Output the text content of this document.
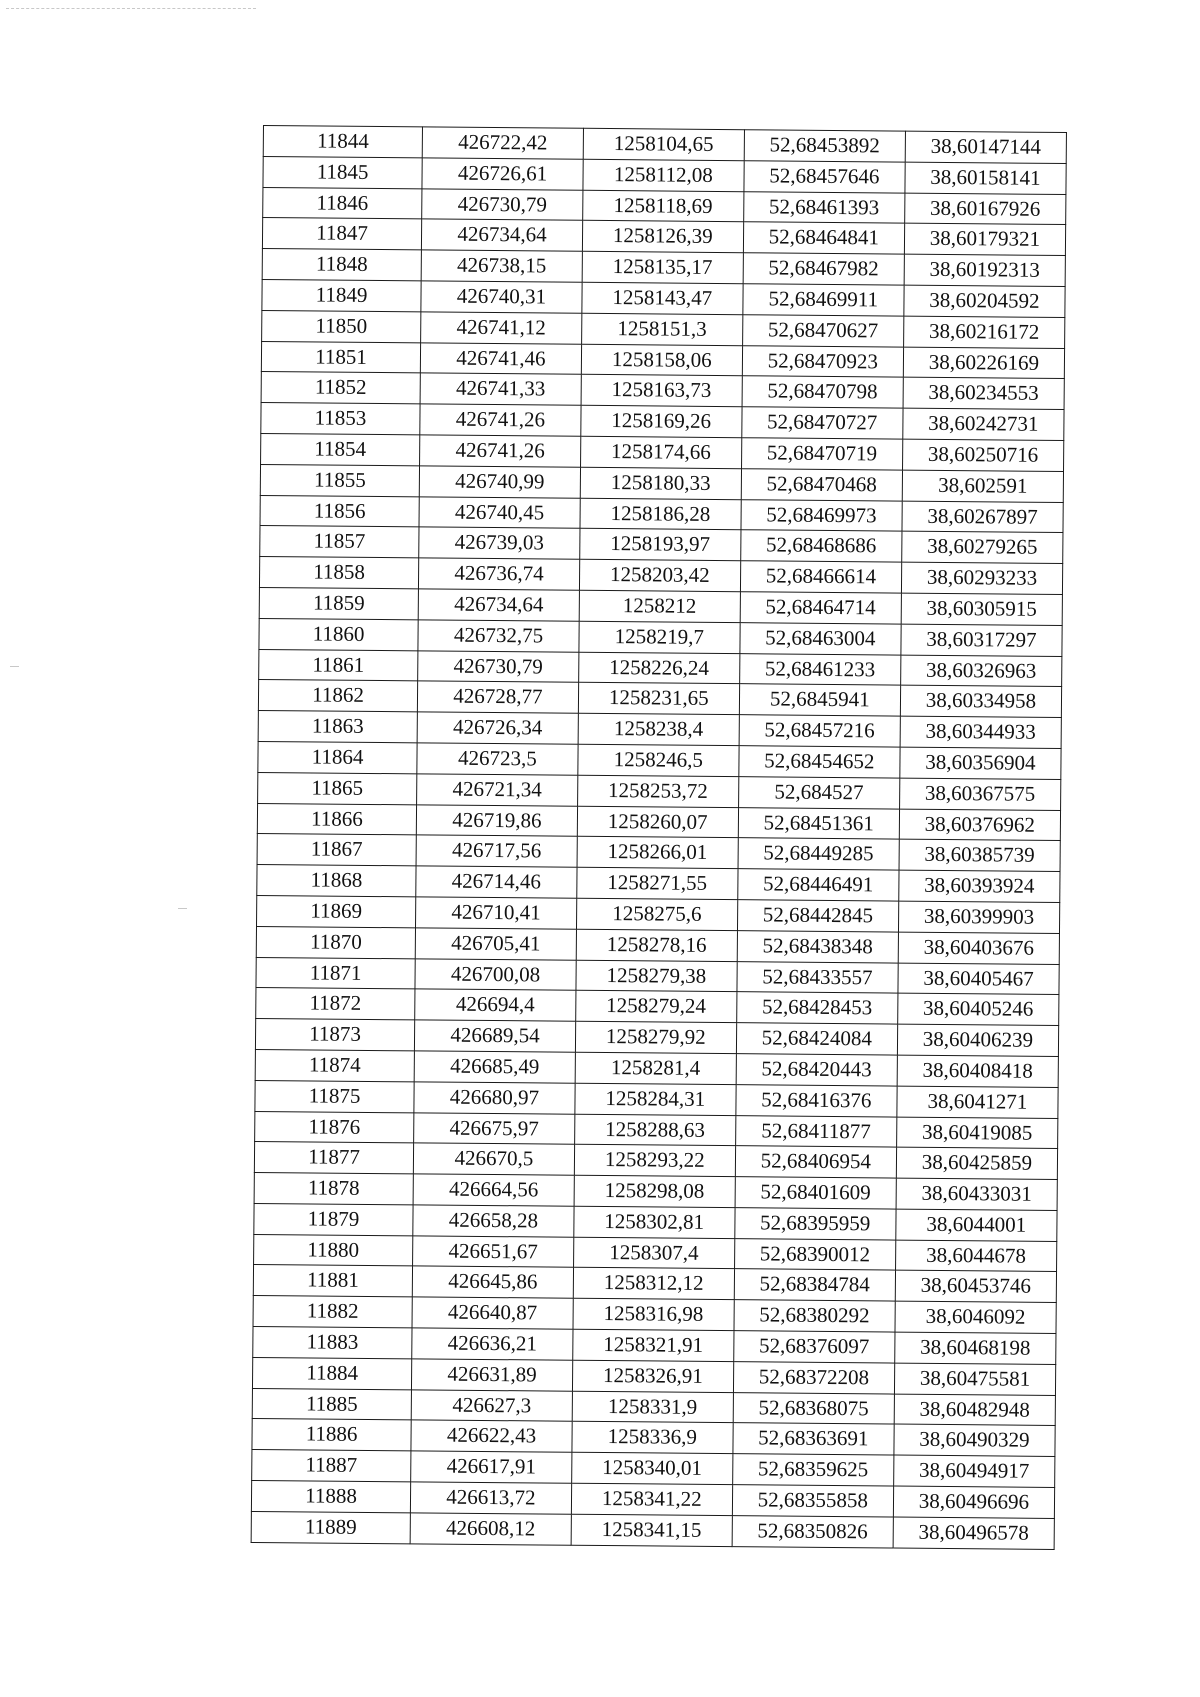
11844	426722,42	1258104,65	52,68453892	38,60147144
11845	426726,61	1258112,08	52,68457646	38,60158141
11846	426730,79	1258118,69	52,68461393	38,60167926
11847	426734,64	1258126,39	52,68464841	38,60179321
11848	426738,15	1258135,17	52,68467982	38,60192313
11849	426740,31	1258143,47	52,68469911	38,60204592
11850	426741,12	1258151,3	52,68470627	38,60216172
11851	426741,46	1258158,06	52,68470923	38,60226169
11852	426741,33	1258163,73	52,68470798	38,60234553
11853	426741,26	1258169,26	52,68470727	38,60242731
11854	426741,26	1258174,66	52,68470719	38,60250716
11855	426740,99	1258180,33	52,68470468	38,602591
11856	426740,45	1258186,28	52,68469973	38,60267897
11857	426739,03	1258193,97	52,68468686	38,60279265
11858	426736,74	1258203,42	52,68466614	38,60293233
11859	426734,64	1258212	52,68464714	38,60305915
11860	426732,75	1258219,7	52,68463004	38,60317297
11861	426730,79	1258226,24	52,68461233	38,60326963
11862	426728,77	1258231,65	52,6845941	38,60334958
11863	426726,34	1258238,4	52,68457216	38,60344933
11864	426723,5	1258246,5	52,68454652	38,60356904
11865	426721,34	1258253,72	52,684527	38,60367575
11866	426719,86	1258260,07	52,68451361	38,60376962
11867	426717,56	1258266,01	52,68449285	38,60385739
11868	426714,46	1258271,55	52,68446491	38,60393924
11869	426710,41	1258275,6	52,68442845	38,60399903
11870	426705,41	1258278,16	52,68438348	38,60403676
11871	426700,08	1258279,38	52,68433557	38,60405467
11872	426694,4	1258279,24	52,68428453	38,60405246
11873	426689,54	1258279,92	52,68424084	38,60406239
11874	426685,49	1258281,4	52,68420443	38,60408418
11875	426680,97	1258284,31	52,68416376	38,6041271
11876	426675,97	1258288,63	52,68411877	38,60419085
11877	426670,5	1258293,22	52,68406954	38,60425859
11878	426664,56	1258298,08	52,68401609	38,60433031
11879	426658,28	1258302,81	52,68395959	38,6044001
11880	426651,67	1258307,4	52,68390012	38,6044678
11881	426645,86	1258312,12	52,68384784	38,60453746
11882	426640,87	1258316,98	52,68380292	38,6046092
11883	426636,21	1258321,91	52,68376097	38,60468198
11884	426631,89	1258326,91	52,68372208	38,60475581
11885	426627,3	1258331,9	52,68368075	38,60482948
11886	426622,43	1258336,9	52,68363691	38,60490329
11887	426617,91	1258340,01	52,68359625	38,60494917
11888	426613,72	1258341,22	52,68355858	38,60496696
11889	426608,12	1258341,15	52,68350826	38,60496578
